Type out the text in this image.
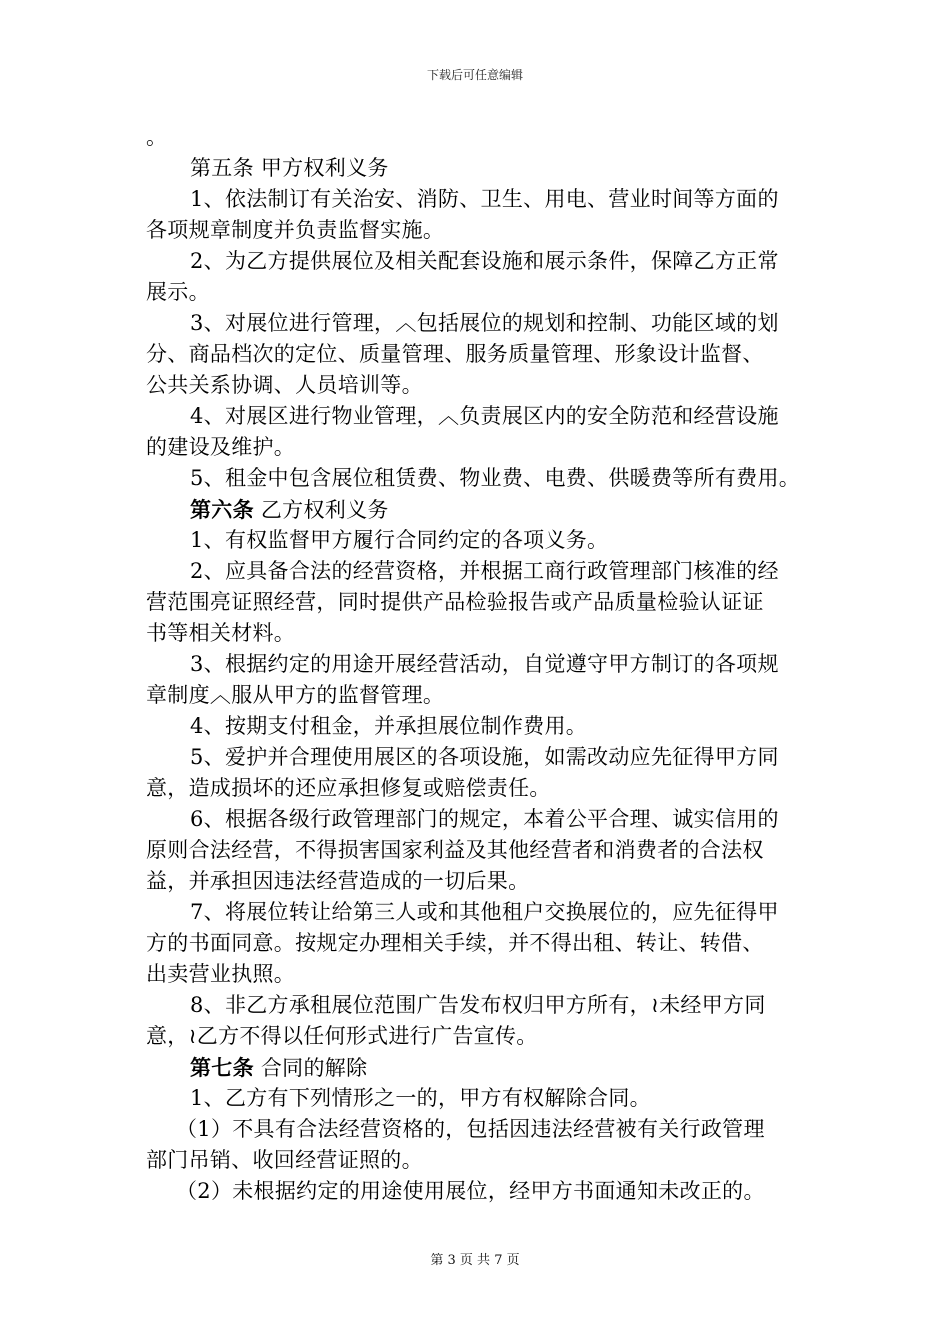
下载后可任意编辑
。
第五条 甲方权利义务
1、依法制订有关治安、消防、卫生、用电、营业时间等方面的
各项规章制度并负责监督实施。
2、为乙方提供展位及相关配套设施和展示条件，保障乙方正常
展示。
3、对展位进行管理，︿包括展位的规划和控制、功能区域的划
分、商品档次的定位、质量管理、服务质量管理、形象设计监督、
公共关系协调、人员培训等。
4、对展区进行物业管理，︿负责展区内的安全防范和经营设施
的建设及维护。
5、租金中包含展位租赁费、物业费、电费、供暖费等所有费用。
第六条 乙方权利义务
1、有权监督甲方履行合同约定的各项义务。
2、应具备合法的经营资格，并根据工商行政管理部门核准的经
营范围亮证照经营，同时提供产品检验报告或产品质量检验认证证
书等相关材料。
3、根据约定的用途开展经营活动，自觉遵守甲方制订的各项规
章制度︿服从甲方的监督管理。
4、按期支付租金，并承担展位制作费用。
5、爱护并合理使用展区的各项设施，如需改动应先征得甲方同
意，造成损坏的还应承担修复或赔偿责任。
6、根据各级行政管理部门的规定，本着公平合理、诚实信用的
原则合法经营，不得损害国家利益及其他经营者和消费者的合法权
益，并承担因违法经营造成的一切后果。
7、将展位转让给第三人或和其他租户交换展位的，应先征得甲
方的书面同意。按规定办理相关手续，并不得出租、转让、转借、
出卖营业执照。
8、非乙方承租展位范围广告发布权归甲方所有，≀未经甲方同
意，≀乙方不得以任何形式进行广告宣传。
第七条 合同的解除
1、乙方有下列情形之一的，甲方有权解除合同。
（1）不具有合法经营资格的，包括因违法经营被有关行政管理
部门吊销、收回经营证照的。
（2）未根据约定的用途使用展位，经甲方书面通知未改正的。
第 3 页 共 7 页
